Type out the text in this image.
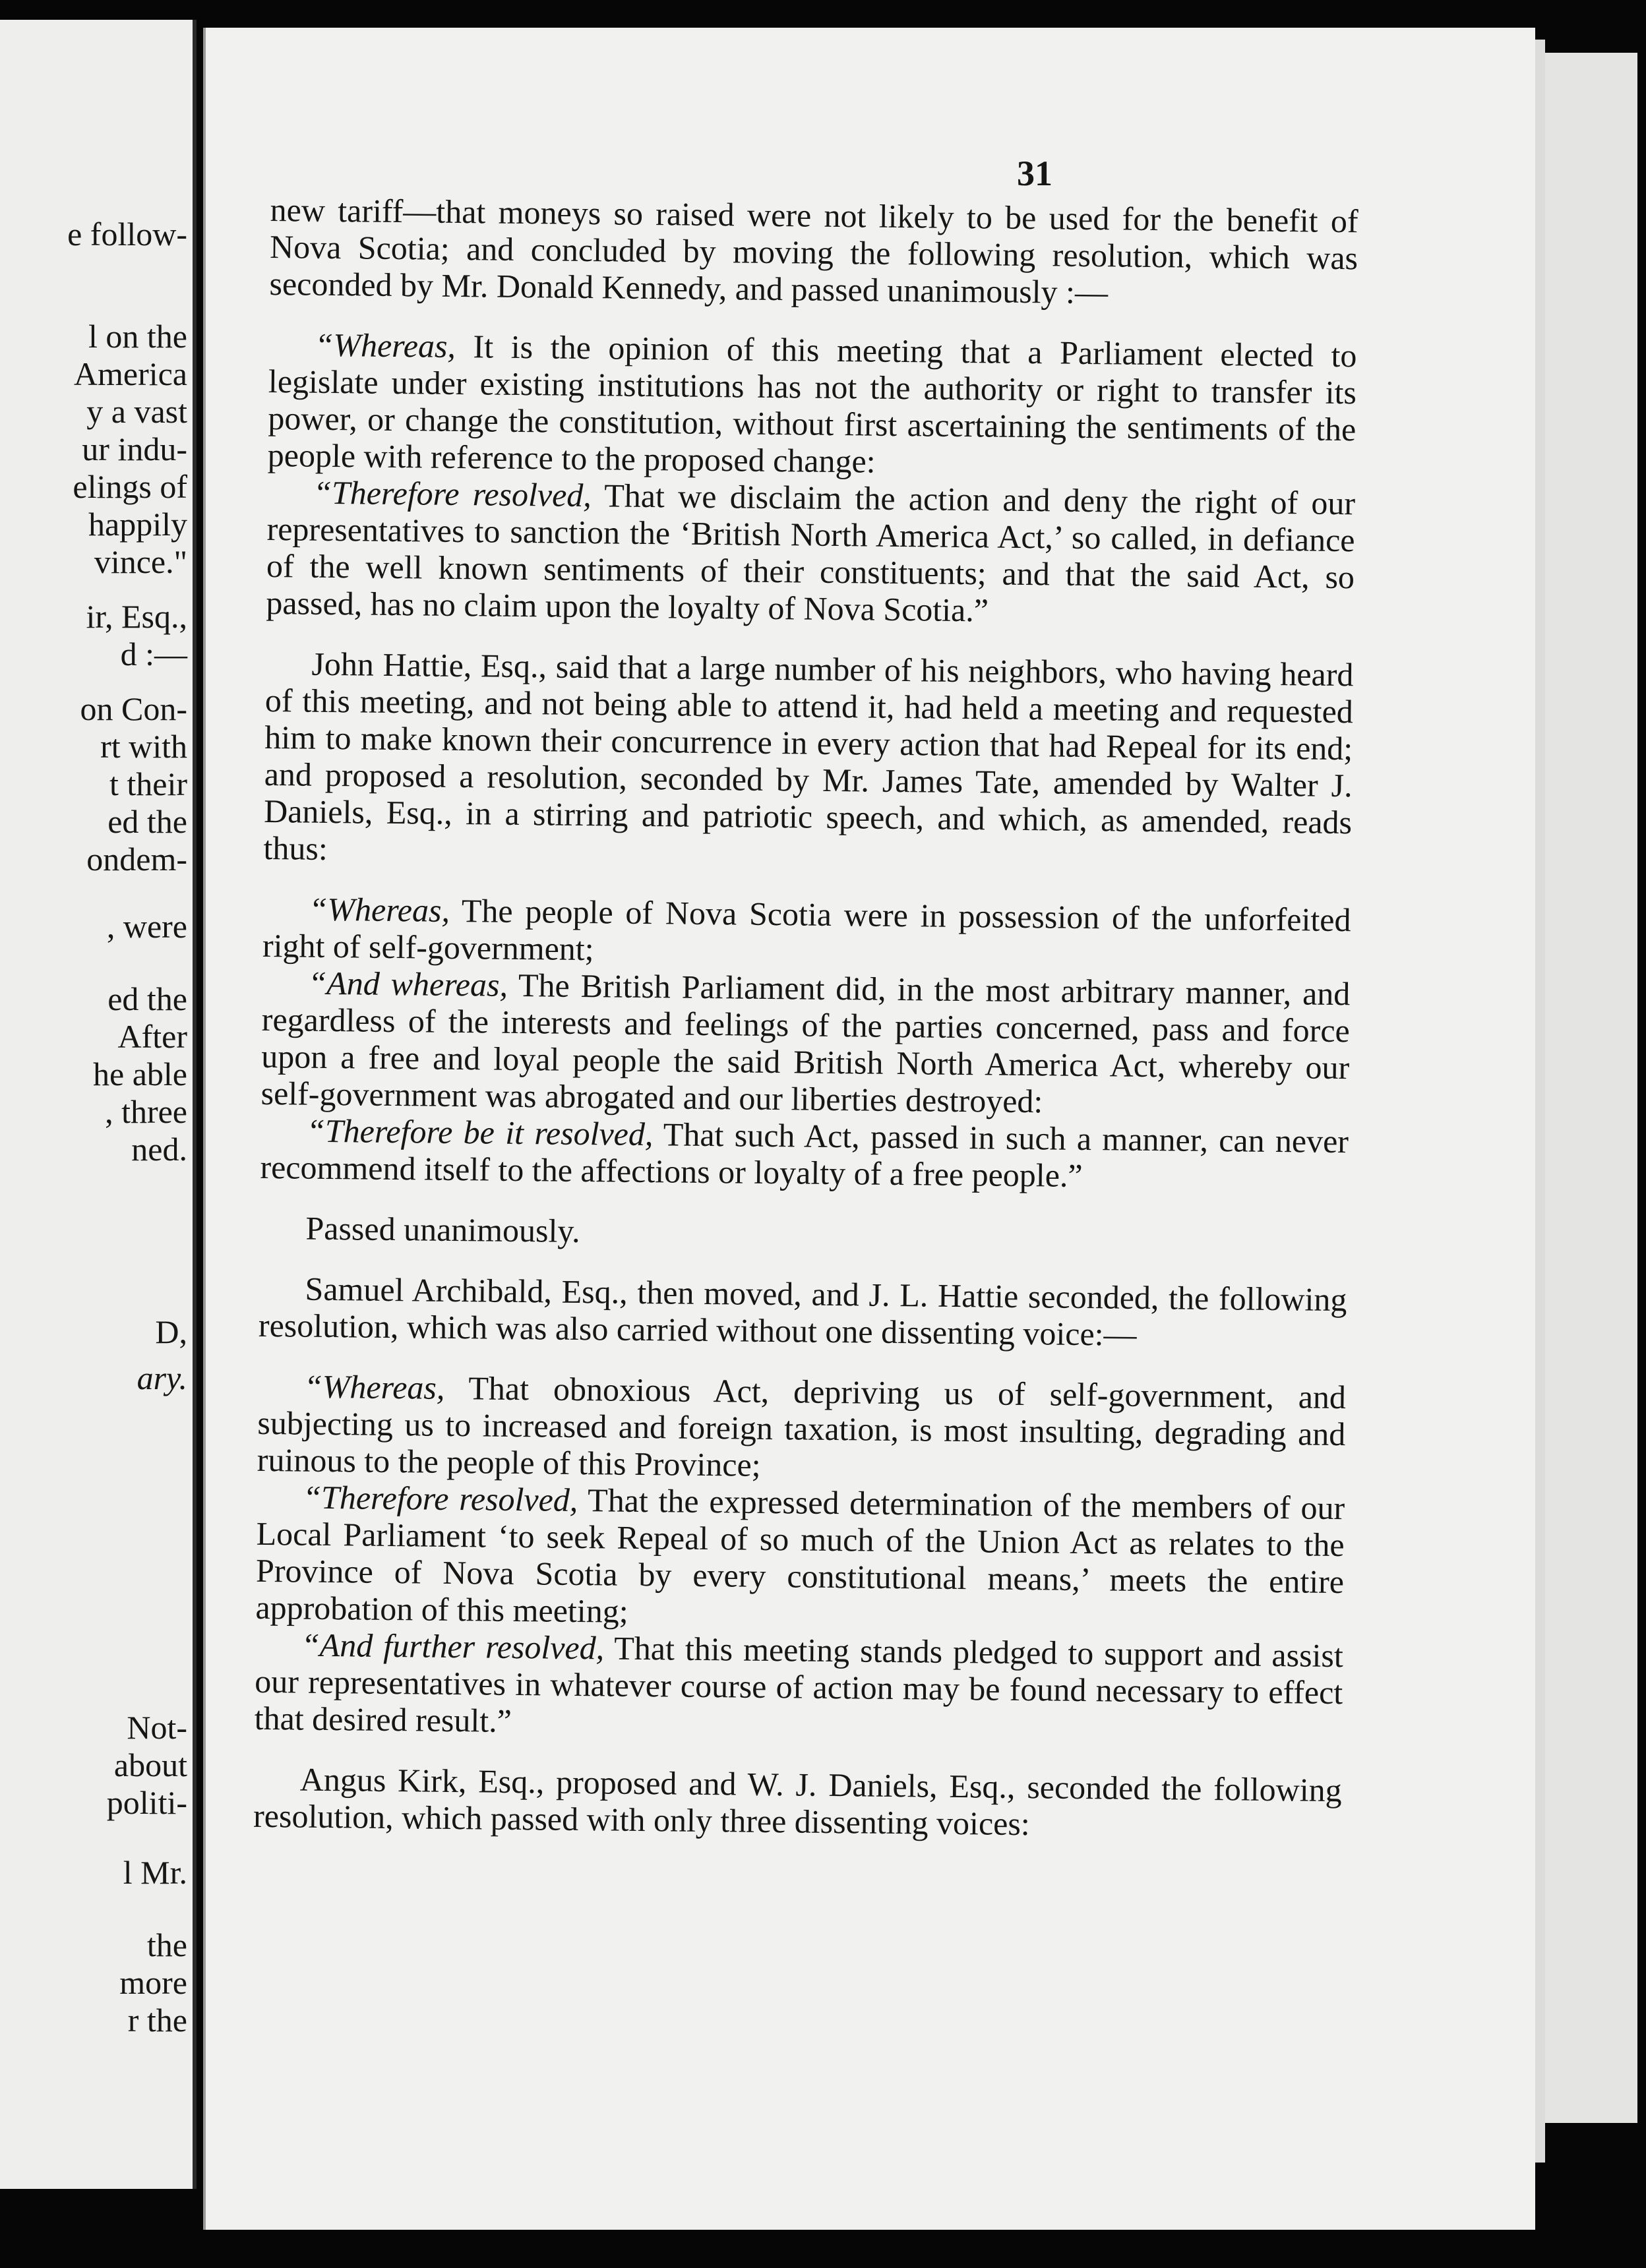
e follow-
l on the
America
y a vast
ur indu-
elings of
happily
vince."
ir, Esq.,
d :—
on Con-
rt with
t their
ed the
ondem-
, were
ed the
After
he able
, three
ned.
D,
ary.
Not-
about
politi-
l Mr.
the
more
r the
31

new tariff—that moneys so raised were not likely to be used for the benefit of Nova Scotia; and concluded by moving the following resolution, which was seconded by Mr. Donald Kennedy, and passed unanimously :—

“Whereas, It is the opinion of this meeting that a Parliament elected to legislate under existing institutions has not the authority or right to transfer its power, or change the constitution, without first ascertaining the sentiments of the people with reference to the proposed change:

“Therefore resolved, That we disclaim the action and deny the right of our representatives to sanction the ‘British North America Act,’ so called, in defiance of the well known sentiments of their constituents; and that the said Act, so passed, has no claim upon the loyalty of Nova Scotia.”

John Hattie, Esq., said that a large number of his neighbors, who having heard of this meeting, and not being able to attend it, had held a meeting and requested him to make known their concurrence in every action that had Repeal for its end; and proposed a resolution, seconded by Mr. James Tate, amended by Walter J. Daniels, Esq., in a stirring and patriotic speech, and which, as amended, reads thus:

“Whereas, The people of Nova Scotia were in possession of the unforfeited right of self-government;

“And whereas, The British Parliament did, in the most arbitrary manner, and regardless of the interests and feelings of the parties concerned, pass and force upon a free and loyal people the said British North America Act, whereby our self-government was abrogated and our liberties destroyed:

“Therefore be it resolved, That such Act, passed in such a manner, can never recommend itself to the affections or loyalty of a free people.”

Passed unanimously.

Samuel Archibald, Esq., then moved, and J. L. Hattie seconded, the following resolution, which was also carried without one dissenting voice:—

“Whereas, That obnoxious Act, depriving us of self-government, and subjecting us to increased and foreign taxation, is most insulting, degrading and ruinous to the people of this Province;

“Therefore resolved, That the expressed determination of the members of our Local Parliament ‘to seek Repeal of so much of the Union Act as relates to the Province of Nova Scotia by every constitutional means,’ meets the entire approbation of this meeting;

“And further resolved, That this meeting stands pledged to support and assist our representatives in whatever course of action may be found necessary to effect that desired result.”

Angus Kirk, Esq., proposed and W. J. Daniels, Esq., seconded the following resolution, which passed with only three dissenting voices:
